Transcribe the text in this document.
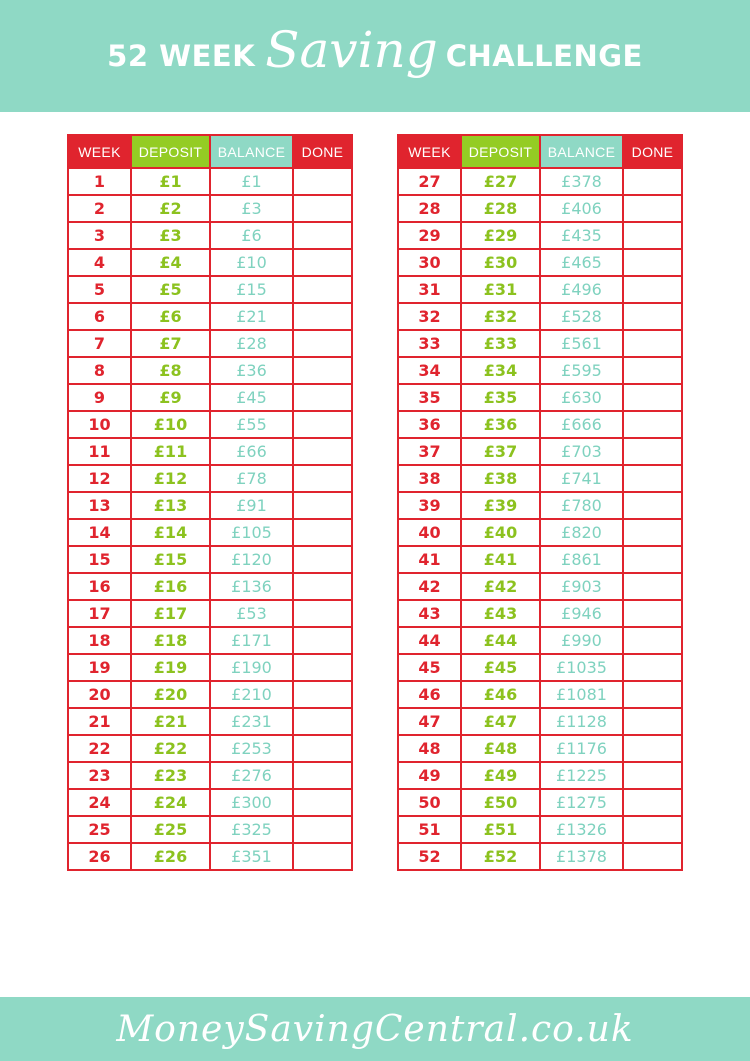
52 WEEK Saving CHALLENGE
WEEK	DEPOSIT	BALANCE	DONE
1	£1	£1	
2	£2	£3	
3	£3	£6	
4	£4	£10	
5	£5	£15	
6	£6	£21	
7	£7	£28	
8	£8	£36	
9	£9	£45	
10	£10	£55	
11	£11	£66	
12	£12	£78	
13	£13	£91	
14	£14	£105	
15	£15	£120	
16	£16	£136	
17	£17	£53	
18	£18	£171	
19	£19	£190	
20	£20	£210	
21	£21	£231	
22	£22	£253	
23	£23	£276	
24	£24	£300	
25	£25	£325	
26	£26	£351	
WEEK	DEPOSIT	BALANCE	DONE
27	£27	£378	
28	£28	£406	
29	£29	£435	
30	£30	£465	
31	£31	£496	
32	£32	£528	
33	£33	£561	
34	£34	£595	
35	£35	£630	
36	£36	£666	
37	£37	£703	
38	£38	£741	
39	£39	£780	
40	£40	£820	
41	£41	£861	
42	£42	£903	
43	£43	£946	
44	£44	£990	
45	£45	£1035	
46	£46	£1081	
47	£47	£1128	
48	£48	£1176	
49	£49	£1225	
50	£50	£1275	
51	£51	£1326	
52	£52	£1378	
MoneySavingCentral.co.uk
